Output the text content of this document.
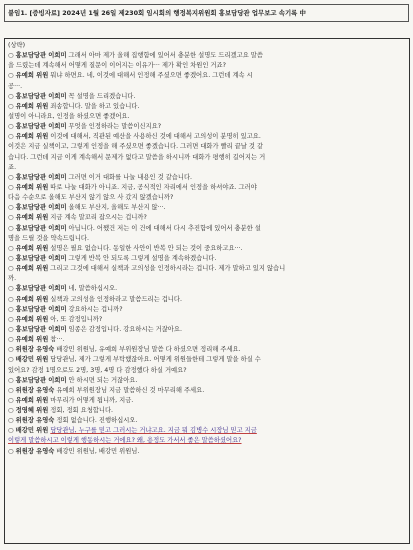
붙임1. [증빙자료] 2024년 1월 26일 제230회 임시회의 행정복지위원회 홍보담당관 업무보고 속기록 中
(상략)
○ 홍보담당관 이희미 그래서 아마 제가 올해 집행함에 있어서 충분한 설명도 드리겠고요 말씀
을 드렸는데 계속해서 어떻게 질문이 이어지는 이유가··· 제가 확인 차원인 거죠?
○ 유예희 위원 뭐냐 하면요. 네, 이것에 대해서 인정해 주셨으면 좋겠어요. 그런데 계속 시
공···.
○ 홍보담당관 이희미 꼭 설명을 드리겠습니다.
○ 유예희 위원 죄송합니다. 말을 하고 있습니다.
설명이 아니라요, 인정을 하셨으면 좋겠어요.
○ 홍보담당관 이희미 무엇을 인정하라는 말씀이신지요?
○ 유예희 위원 이것에 대해서, 직관된 예산을 사용하신 것에 대해서 고의성이 분명히 있고요.
이것은 지금 실책이고, 그렇게 인정을 해 주셨으면 좋겠습니다. 그러면 대화가 빨리 끝날 것 같
습니다. 그런데 지금 이게 계속해서 문제가 없다고 말씀을 하시니까 대화가 평행히 길어지는 거
죠.
○ 홍보담당관 이희미 그러면 이거 대화를 나눌 내용인 것 같습니다.
○ 유예희 위원 따로 나눌 대화가 아니죠. 지금, 공식적인 자리에서 인정을 하셔야죠. 그러야
다음 수순으로 올해도 부산지 않기 않으 사 갔지 않겠습니까?
○ 홍보담당관 이희미 올해도 부산지, 올해도 부산지 않···.
○ 유예희 위원 지금 계속 말꼬리 잡으시는 겁니까?
○ 홍보담당관 이희미 아닙니다. 어쨌건 저는 이 건에 대해서 다시 추진함에 있어서 충분한 설
명을 드릴 것을 약속드립니다.
○ 유예희 위원 설명은 필요 없습니다. 동일한 사안이 반복 안 되는 것이 중요하고요···.
○ 홍보담당관 이희미 그렇게 반복 안 되도록 그렇게 설명을 계속하겠습니다.
○ 유예희 위원 그리고 그것에 대해서 실책과 고의성을 인정하시라는 겁니다. 제가 말하고 있지 않습니
까.
○ 홍보담당관 이희미 네, 말씀하십시오.
○ 유예희 위원 실책과 고의성을 인정하라고 말씀드리는 겁니다.
○ 홍보담당관 이희미 강요하시는 겁니까?
○ 유예희 위원 아, 또 감정입니까?
○ 홍보담당관 이희미 임종은 감정입니다. 강요하시는 거잖아요.
○ 유예희 위원 참···.
○ 위원장 유영숙 배강민 위원님, 유예희 부위원장님 말씀 다 하셨으면 정리해 주세요.
○ 배강민 위원 담당관님, 제가 그렇게 부탁했잖아요. 어떻게 위원들한테 그렇게 말을 하실 수
있어요? 감정 1명으로도 2명, 3명, 4명 다 감정했다 하실 거예요?
○ 홍보담당관 이희미 안 하시면 되는 거잖아요.
○ 위원장 유영숙 유예희 부위원장님 지금 말씀하신 것 마무리해 주세요.
○ 유예희 위원 마무리가 어떻게 됩니까, 지금.
○ 정영혜 위원 정회, 정회 요청합니다.
○ 위원장 유영숙 정회 없습니다. 진행하십시오.
○ 배강민 위원 담당관님, 누구를 믿고 그러시는 거냐고요. 지금 뭐 김병수 시장님 믿고 지금
이렇게 말씀하시고 이렇게 행동하시는 거에요? 왜, 용정도 가서서 좋은 말씀하셨어요?
○ 위원장 유영숙 배강민 위원님, 배강민 위원님.
